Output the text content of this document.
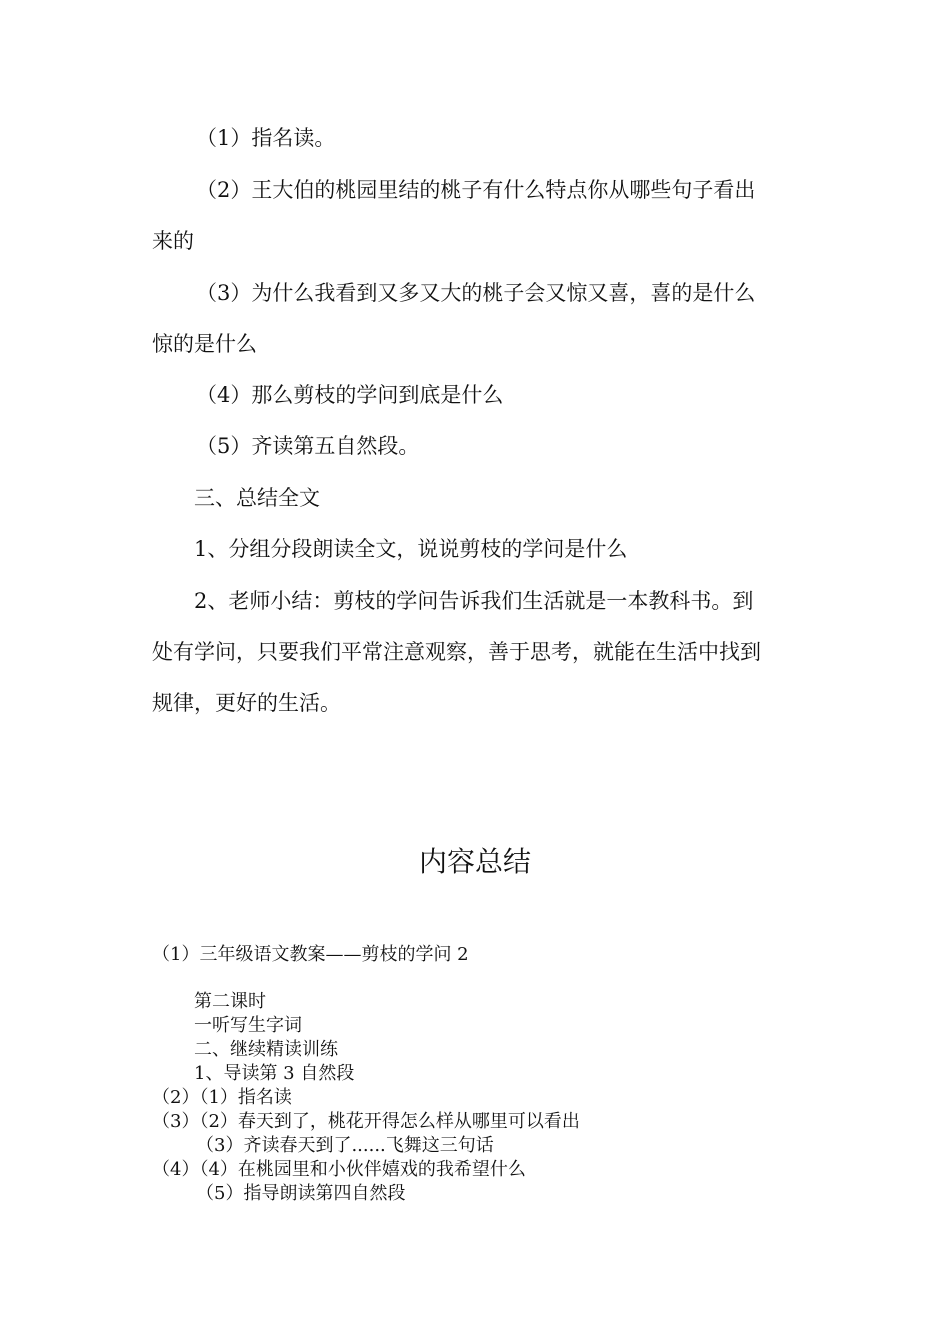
（1）指名读。
（2）王大伯的桃园里结的桃子有什么特点你从哪些句子看出
来的
（3）为什么我看到又多又大的桃子会又惊又喜，喜的是什么
惊的是什么
（4）那么剪枝的学问到底是什么
（5）齐读第五自然段。
三、总结全文
1、分组分段朗读全文，说说剪枝的学问是什么
2、老师小结：剪枝的学问告诉我们生活就是一本教科书。到
处有学问，只要我们平常注意观察，善于思考，就能在生活中找到
规律，更好的生活。
内容总结
（1）三年级语文教案——剪枝的学问 2
第二课时
一听写生字词
二、继续精读训练
1、导读第 3 自然段
（2）（1）指名读
（3）（2）春天到了，桃花开得怎么样从哪里可以看出
（3）齐读春天到了......飞舞这三句话
（4）（4）在桃园里和小伙伴嬉戏的我希望什么
（5）指导朗读第四自然段
